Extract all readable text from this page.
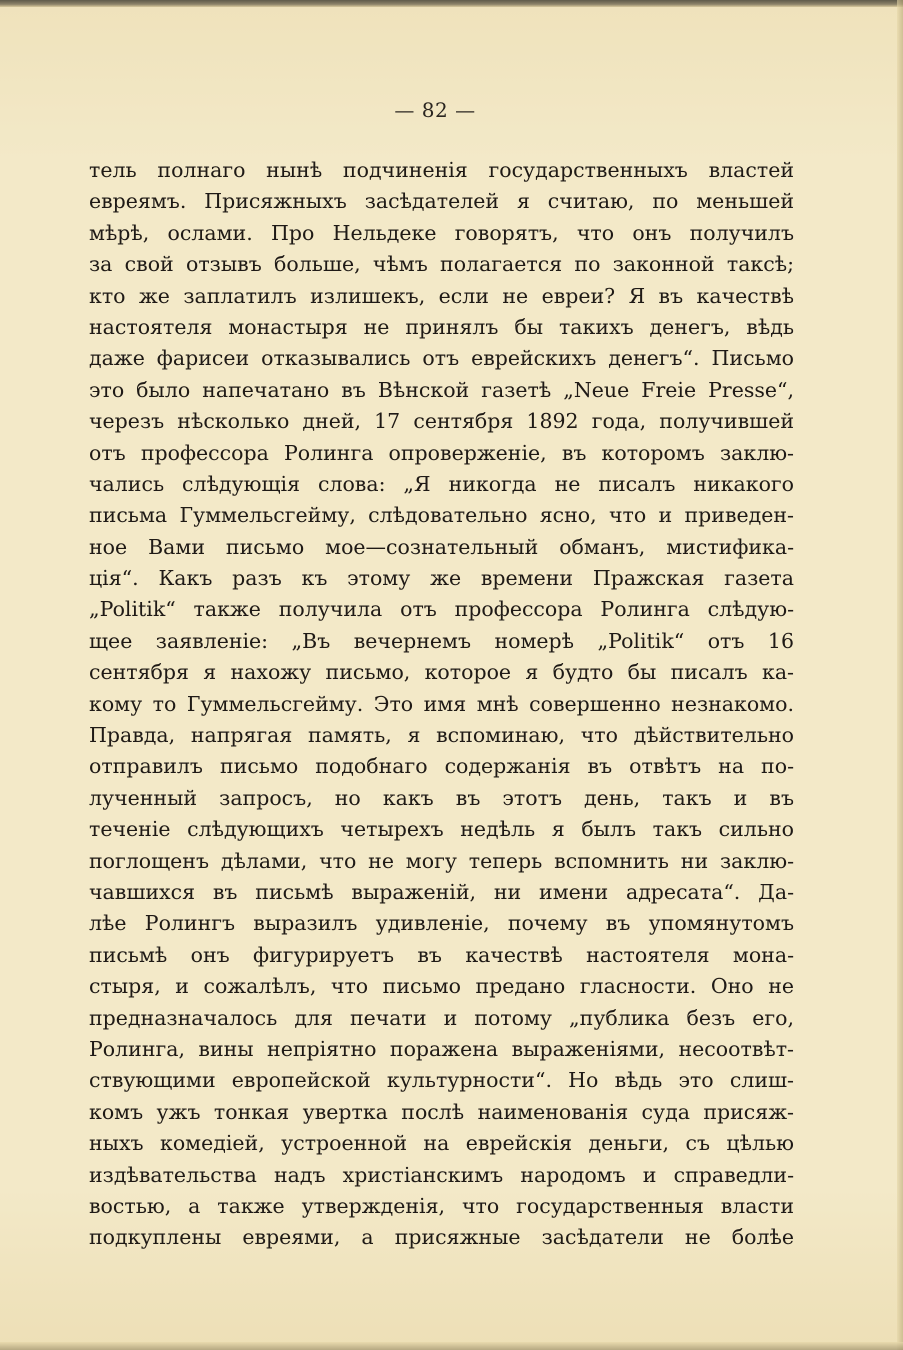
— 82 —
тель полнаго нынѣ подчиненія государственныхъ властей
евреямъ. Присяжныхъ засѣдателей я считаю, по меньшей
мѣрѣ, ослами. Про Нельдеке говорятъ, что онъ получилъ
за свой отзывъ больше, чѣмъ полагается по законной таксѣ;
кто же заплатилъ излишекъ, если не евреи? Я въ качествѣ
настоятеля монастыря не принялъ бы такихъ денегъ, вѣдь
даже фарисеи отказывались отъ еврейскихъ денегъ“. Письмо
это было напечатано въ Вѣнской газетѣ „Neue Freie Presse“,
черезъ нѣсколько дней, 17 сентября 1892 года, получившей
отъ профессора Ролинга опроверженіе, въ которомъ заклю-
чались слѣдующія слова: „Я никогда не писалъ никакого
письма Гуммельсгейму, слѣдовательно ясно, что и приведен-
ное Вами письмо мое—сознательный обманъ, мистифика-
ція“. Какъ разъ къ этому же времени Пражская газета
„Politik“ также получила отъ профессора Ролинга слѣдую-
щее заявленіе: „Въ вечернемъ номерѣ „Politik“ отъ 16
сентября я нахожу письмо, которое я будто бы писалъ ка-
кому то Гуммельсгейму. Это имя мнѣ совершенно незнакомо.
Правда, напрягая память, я вспоминаю, что дѣйствительно
отправилъ письмо подобнаго содержанія въ отвѣтъ на по-
лученный запросъ, но какъ въ этотъ день, такъ и въ
теченіе слѣдующихъ четырехъ недѣль я былъ такъ сильно
поглощенъ дѣлами, что не могу теперь вспомнить ни заклю-
чавшихся въ письмѣ выраженій, ни имени адресата“. Да-
лѣе Ролингъ выразилъ удивленіе, почему въ упомянутомъ
письмѣ онъ фигурируетъ въ качествѣ настоятеля мона-
стыря, и сожалѣлъ, что письмо предано гласности. Оно не
предназначалось для печати и потому „публика безъ его,
Ролинга, вины непріятно поражена выраженіями, несоотвѣт-
ствующими европейской культурности“. Но вѣдь это слиш-
комъ ужъ тонкая увертка послѣ наименованія суда присяж-
ныхъ комедіей, устроенной на еврейскія деньги, съ цѣлью
издѣвательства надъ христіанскимъ народомъ и справедли-
востью, а также утвержденія, что государственныя власти
подкуплены евреями, а присяжные засѣдатели не болѣе
